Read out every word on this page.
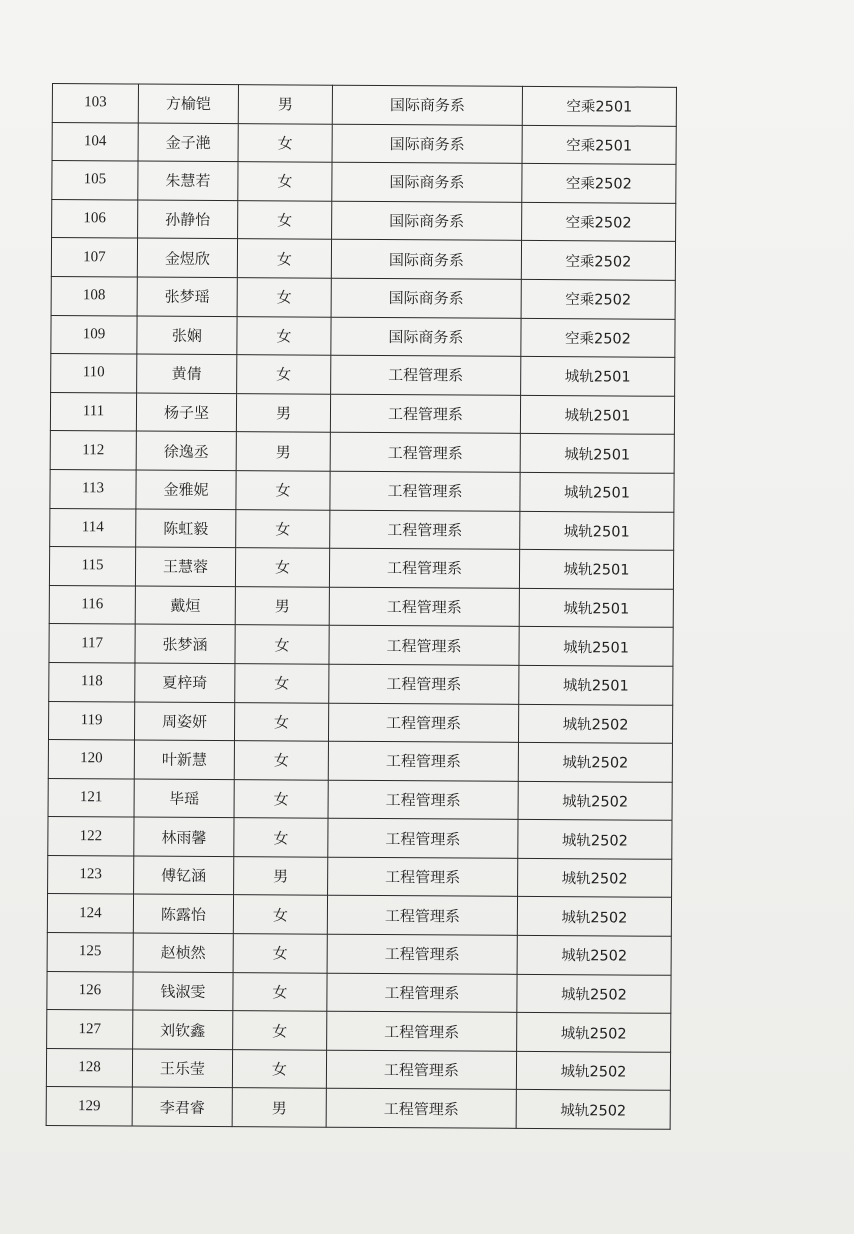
103	方榆铠	男	国际商务系	空乘2501
104	金子滟	女	国际商务系	空乘2501
105	朱慧若	女	国际商务系	空乘2502
106	孙静怡	女	国际商务系	空乘2502
107	金煜欣	女	国际商务系	空乘2502
108	张梦瑶	女	国际商务系	空乘2502
109	张娴	女	国际商务系	空乘2502
110	黄倩	女	工程管理系	城轨2501
111	杨子坚	男	工程管理系	城轨2501
112	徐逸丞	男	工程管理系	城轨2501
113	金雅妮	女	工程管理系	城轨2501
114	陈虹毅	女	工程管理系	城轨2501
115	王慧蓉	女	工程管理系	城轨2501
116	戴烜	男	工程管理系	城轨2501
117	张梦涵	女	工程管理系	城轨2501
118	夏梓琦	女	工程管理系	城轨2501
119	周姿妍	女	工程管理系	城轨2502
120	叶新慧	女	工程管理系	城轨2502
121	毕瑶	女	工程管理系	城轨2502
122	林雨馨	女	工程管理系	城轨2502
123	傅钇涵	男	工程管理系	城轨2502
124	陈露怡	女	工程管理系	城轨2502
125	赵桢然	女	工程管理系	城轨2502
126	钱淑雯	女	工程管理系	城轨2502
127	刘钦鑫	女	工程管理系	城轨2502
128	王乐莹	女	工程管理系	城轨2502
129	李君睿	男	工程管理系	城轨2502
